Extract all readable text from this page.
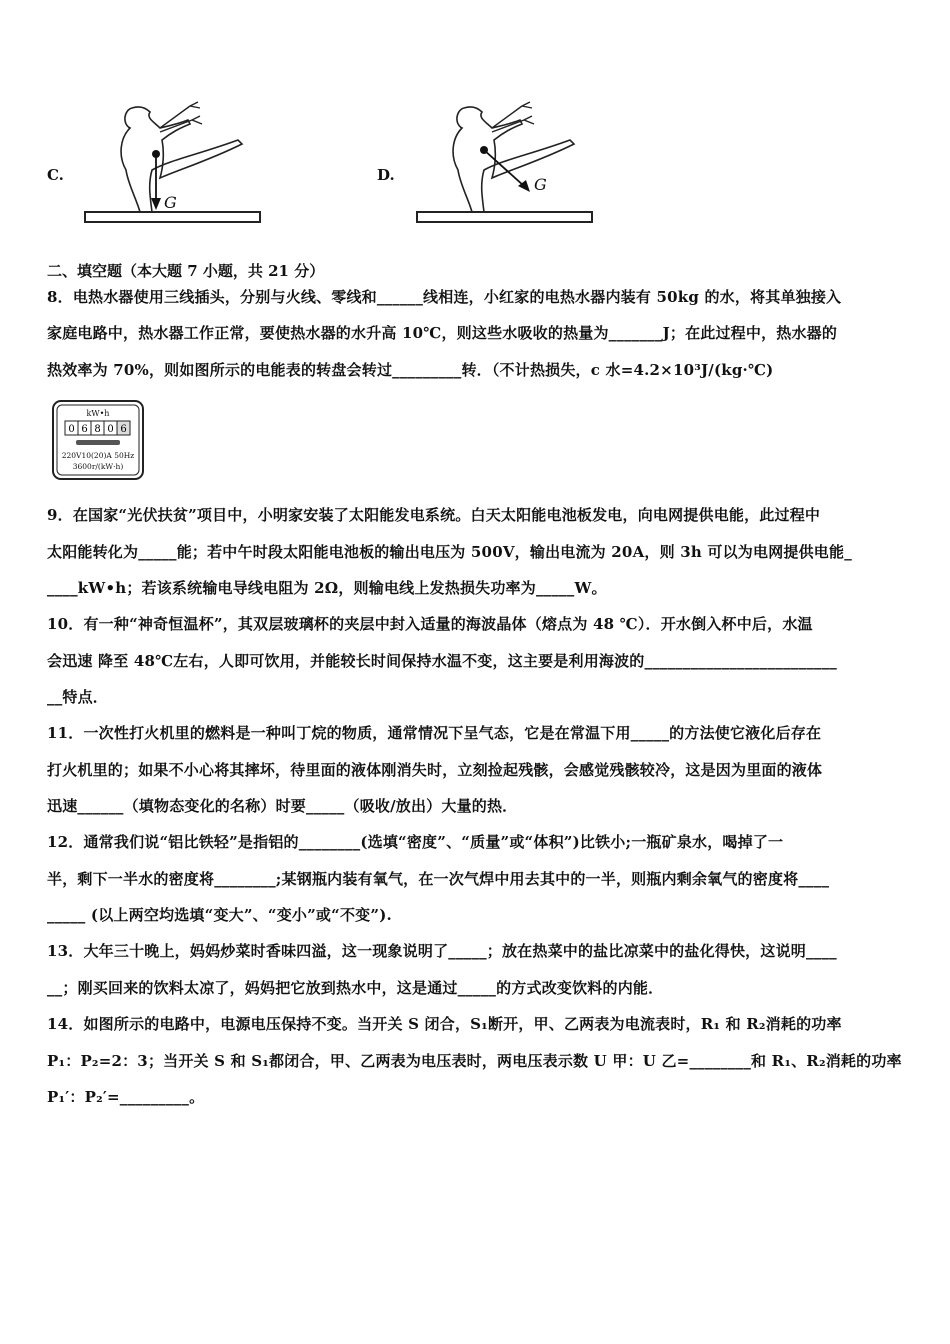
C.
G
D.	G
二、填空题（本大题 7 小题，共 21 分）
8．电热水器使用三线插头，分别与火线、零线和______线相连，小红家的电热水器内装有 50kg 的水，将其单独接入
家庭电路中，热水器工作正常，要使热水器的水升高 10℃，则这些水吸收的热量为_______J；在此过程中，热水器的
热效率为 70%，则如图所示的电能表的转盘会转过_________转．（不计热损失，c 水=4.2×10³J/(kg·℃)
kW•h
0 6 8 0 6
220V10(20)A 50Hz
3600r/(kW·h)
9．在国家“光伏扶贫”项目中，小明家安装了太阳能发电系统。白天太阳能电池板发电，向电网提供电能，此过程中
太阳能转化为_____能；若中午时段太阳能电池板的输出电压为 500V，输出电流为 20A，则 3h 可以为电网提供电能_
____kW•h；若该系统输电导线电阻为 2Ω，则输电线上发热损失功率为_____W。
10．有一种“神奇恒温杯”，其双层玻璃杯的夹层中封入适量的海波晶体（熔点为 48 ℃）．开水倒入杯中后，水温
会迅速 降至 48℃左右，人即可饮用，并能较长时间保持水温不变，这主要是利用海波的_________________________
__特点．
11．一次性打火机里的燃料是一种叫丁烷的物质，通常情况下呈气态，它是在常温下用_____的方法使它液化后存在
打火机里的；如果不小心将其摔坏，待里面的液体刚消失时，立刻捡起残骸，会感觉残骸较冷，这是因为里面的液体
迅速______（填物态变化的名称）时要_____（吸收/放出）大量的热．
12．通常我们说“铝比铁轻”是指铝的________(选填“密度”、“质量”或“体积”)比铁小;一瓶矿泉水，喝掉了一
半，剩下一半水的密度将________;某钢瓶内装有氧气，在一次气焊中用去其中的一半，则瓶内剩余氧气的密度将____
_____ (以上两空均选填“变大”、“变小”或“不变”).
13．大年三十晚上，妈妈炒菜时香味四溢，这一现象说明了_____；放在热菜中的盐比凉菜中的盐化得快，这说明____
__；刚买回来的饮料太凉了，妈妈把它放到热水中，这是通过_____的方式改变饮料的内能．
14．如图所示的电路中，电源电压保持不变。当开关 S 闭合，S₁断开，甲、乙两表为电流表时，R₁ 和 R₂消耗的功率
P₁：P₂=2：3；当开关 S 和 S₁都闭合，甲、乙两表为电压表时，两电压表示数 U 甲：U 乙=________和 R₁、R₂消耗的功率
P₁′：P₂′=_________。
